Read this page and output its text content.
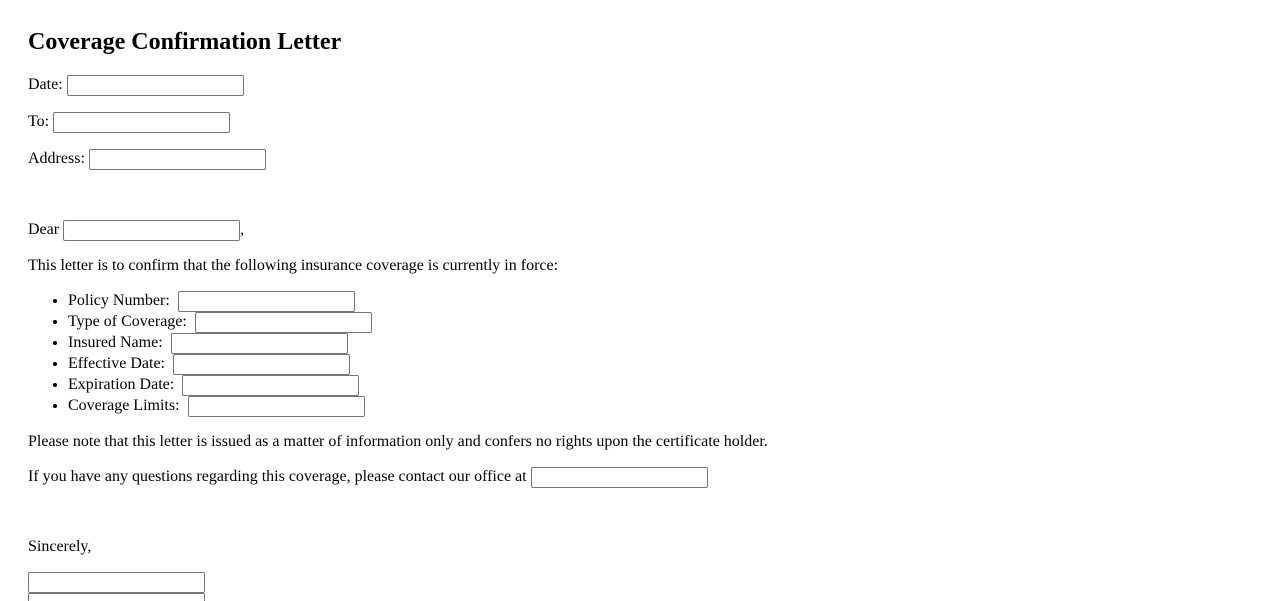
Coverage Confirmation Letter
Date:
To:
Address:
Dear	,
This letter is to confirm that the following insurance coverage is currently in force:
• Policy Number:
• Type of Coverage:
• Insured Name:
• Effective Date:
• Expiration Date:
• Coverage Limits:
Please note that this letter is issued as a matter of information only and confers no rights upon the certificate holder.
If you have any questions regarding this coverage, please contact our office at
Sincerely,
